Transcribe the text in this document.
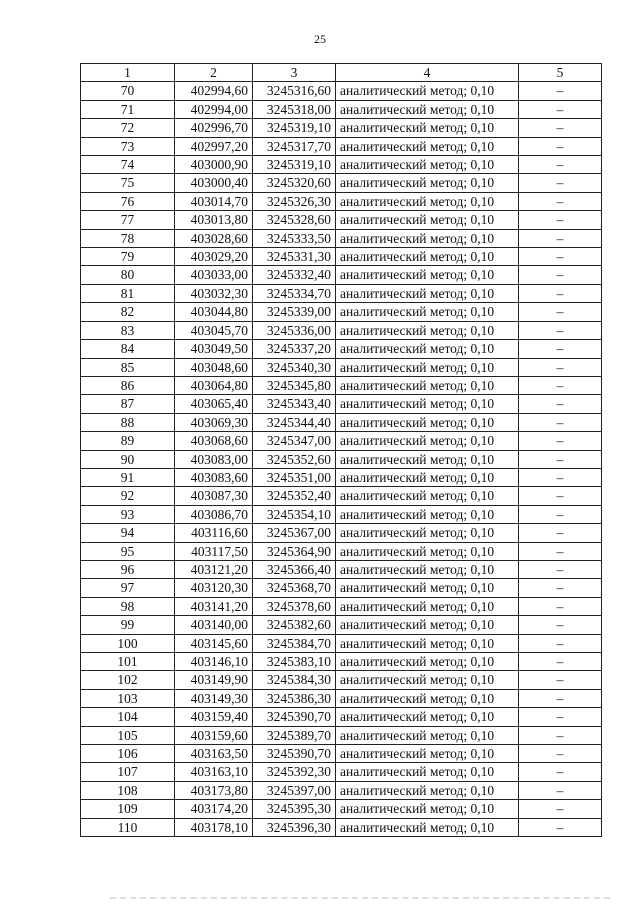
25
1	2	3	4	5
70	402994,60	3245316,60	аналитический метод; 0,10	–
71	402994,00	3245318,00	аналитический метод; 0,10	–
72	402996,70	3245319,10	аналитический метод; 0,10	–
73	402997,20	3245317,70	аналитический метод; 0,10	–
74	403000,90	3245319,10	аналитический метод; 0,10	–
75	403000,40	3245320,60	аналитический метод; 0,10	–
76	403014,70	3245326,30	аналитический метод; 0,10	–
77	403013,80	3245328,60	аналитический метод; 0,10	–
78	403028,60	3245333,50	аналитический метод; 0,10	–
79	403029,20	3245331,30	аналитический метод; 0,10	–
80	403033,00	3245332,40	аналитический метод; 0,10	–
81	403032,30	3245334,70	аналитический метод; 0,10	–
82	403044,80	3245339,00	аналитический метод; 0,10	–
83	403045,70	3245336,00	аналитический метод; 0,10	–
84	403049,50	3245337,20	аналитический метод; 0,10	–
85	403048,60	3245340,30	аналитический метод; 0,10	–
86	403064,80	3245345,80	аналитический метод; 0,10	–
87	403065,40	3245343,40	аналитический метод; 0,10	–
88	403069,30	3245344,40	аналитический метод; 0,10	–
89	403068,60	3245347,00	аналитический метод; 0,10	–
90	403083,00	3245352,60	аналитический метод; 0,10	–
91	403083,60	3245351,00	аналитический метод; 0,10	–
92	403087,30	3245352,40	аналитический метод; 0,10	–
93	403086,70	3245354,10	аналитический метод; 0,10	–
94	403116,60	3245367,00	аналитический метод; 0,10	–
95	403117,50	3245364,90	аналитический метод; 0,10	–
96	403121,20	3245366,40	аналитический метод; 0,10	–
97	403120,30	3245368,70	аналитический метод; 0,10	–
98	403141,20	3245378,60	аналитический метод; 0,10	–
99	403140,00	3245382,60	аналитический метод; 0,10	–
100	403145,60	3245384,70	аналитический метод; 0,10	–
101	403146,10	3245383,10	аналитический метод; 0,10	–
102	403149,90	3245384,30	аналитический метод; 0,10	–
103	403149,30	3245386,30	аналитический метод; 0,10	–
104	403159,40	3245390,70	аналитический метод; 0,10	–
105	403159,60	3245389,70	аналитический метод; 0,10	–
106	403163,50	3245390,70	аналитический метод; 0,10	–
107	403163,10	3245392,30	аналитический метод; 0,10	–
108	403173,80	3245397,00	аналитический метод; 0,10	–
109	403174,20	3245395,30	аналитический метод; 0,10	–
110	403178,10	3245396,30	аналитический метод; 0,10	–
